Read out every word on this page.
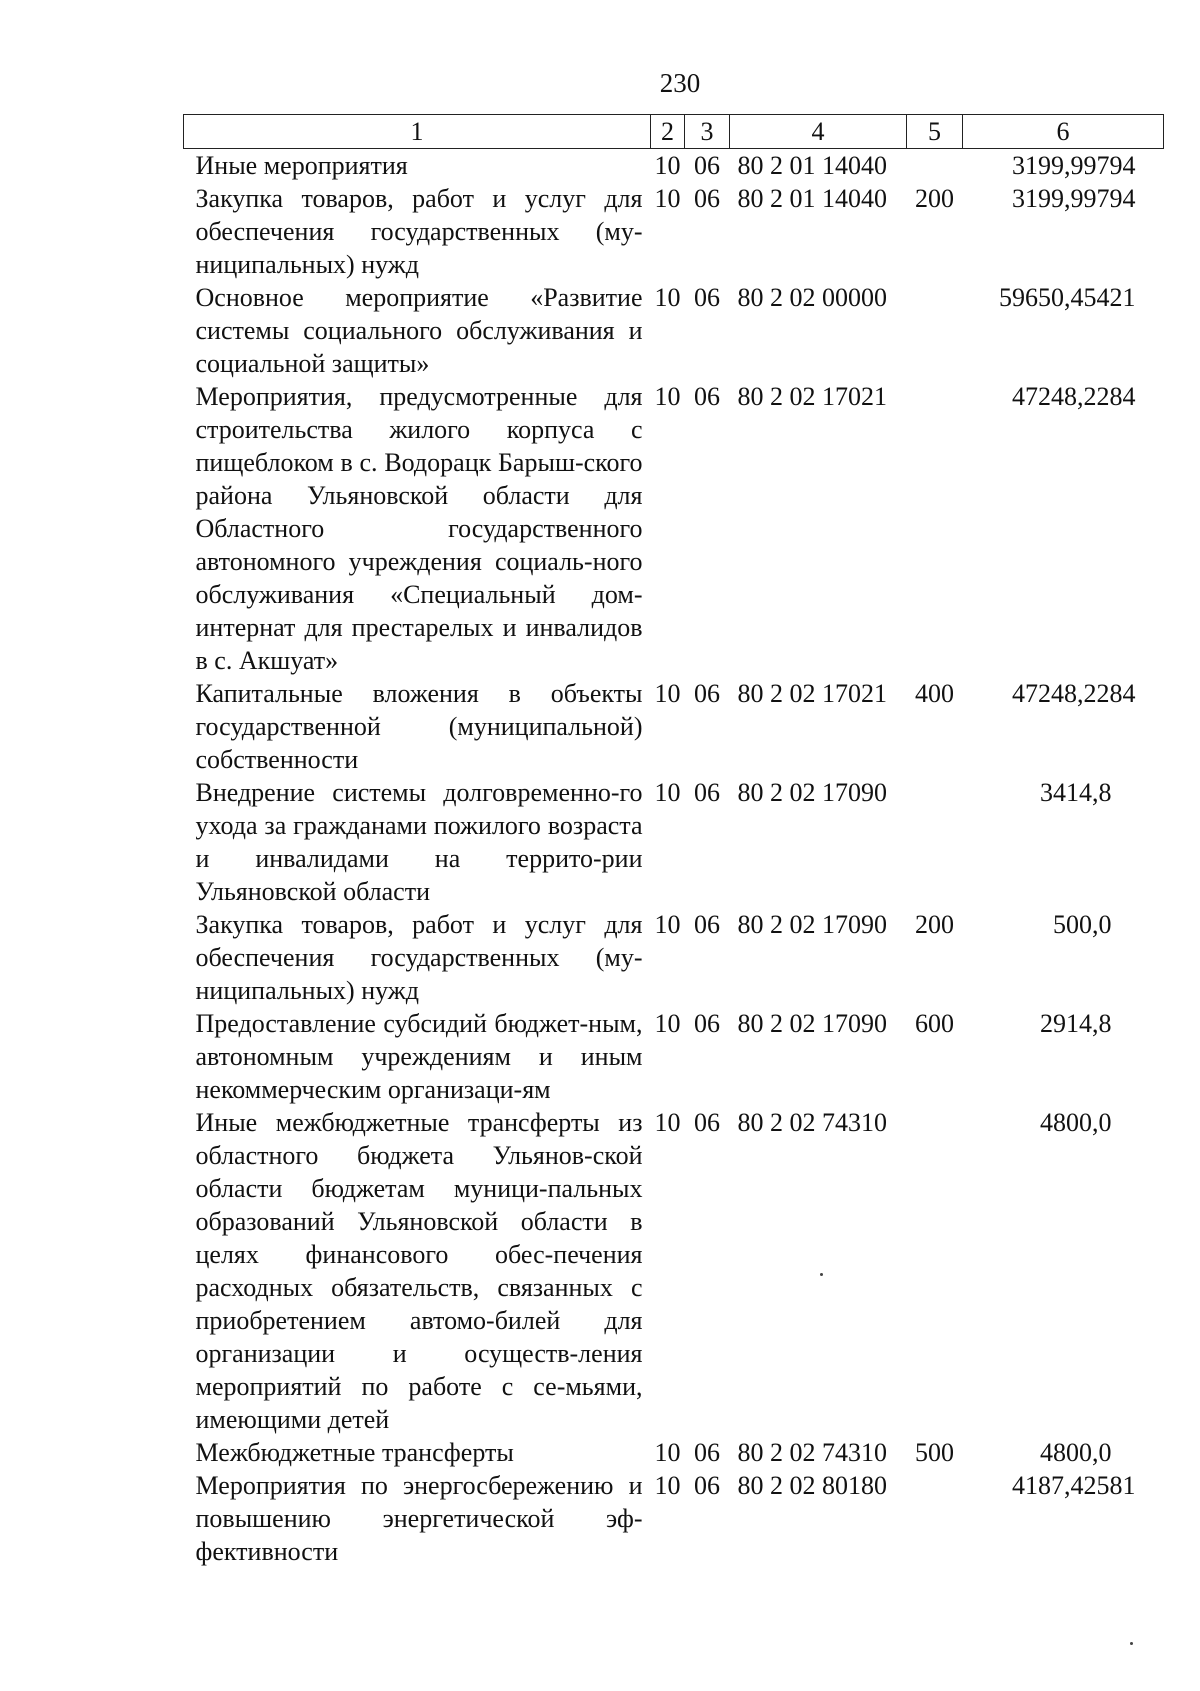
230
1	2	3	4	5	6
Иные мероприятия	10	06	80 2 01 14040		3199,99794
Закупка товаров, работ и услуг для обеспечения государственных (му-ниципальных) нужд	10	06	80 2 01 14040	200	3199,99794
Основное мероприятие «Развитие системы социального обслуживания и социальной защиты»	10	06	80 2 02 00000		59650,45421
Мероприятия, предусмотренные для строительства жилого корпуса с пищеблоком в с. Водорацк Барыш-ского района Ульяновской области для Областного государственного автономного учреждения социаль-ного обслуживания «Специальный дом-интернат для престарелых и инвалидов в с. Акшуат»	10	06	80 2 02 17021		47248,2284
Капитальные вложения в объекты государственной (муниципальной) собственности	10	06	80 2 02 17021	400	47248,2284
Внедрение системы долговременно-го ухода за гражданами пожилого возраста и инвалидами на террито-рии Ульяновской области	10	06	80 2 02 17090		3414,8
Закупка товаров, работ и услуг для обеспечения государственных (му-ниципальных) нужд	10	06	80 2 02 17090	200	500,0
Предоставление субсидий бюджет-ным, автономным учреждениям и иным некоммерческим организаци-ям	10	06	80 2 02 17090	600	2914,8
Иные межбюджетные трансферты из областного бюджета Ульянов-ской области бюджетам муници-пальных образований Ульяновской области в целях финансового обес-печения расходных обязательств, связанных с приобретением автомо-билей для организации и осуществ-ления мероприятий по работе с се-мьями, имеющими детей	10	06	80 2 02 74310		4800,0
Межбюджетные трансферты	10	06	80 2 02 74310	500	4800,0
Мероприятия по энергосбережению и повышению энергетической эф-фективности	10	06	80 2 02 80180		4187,42581
